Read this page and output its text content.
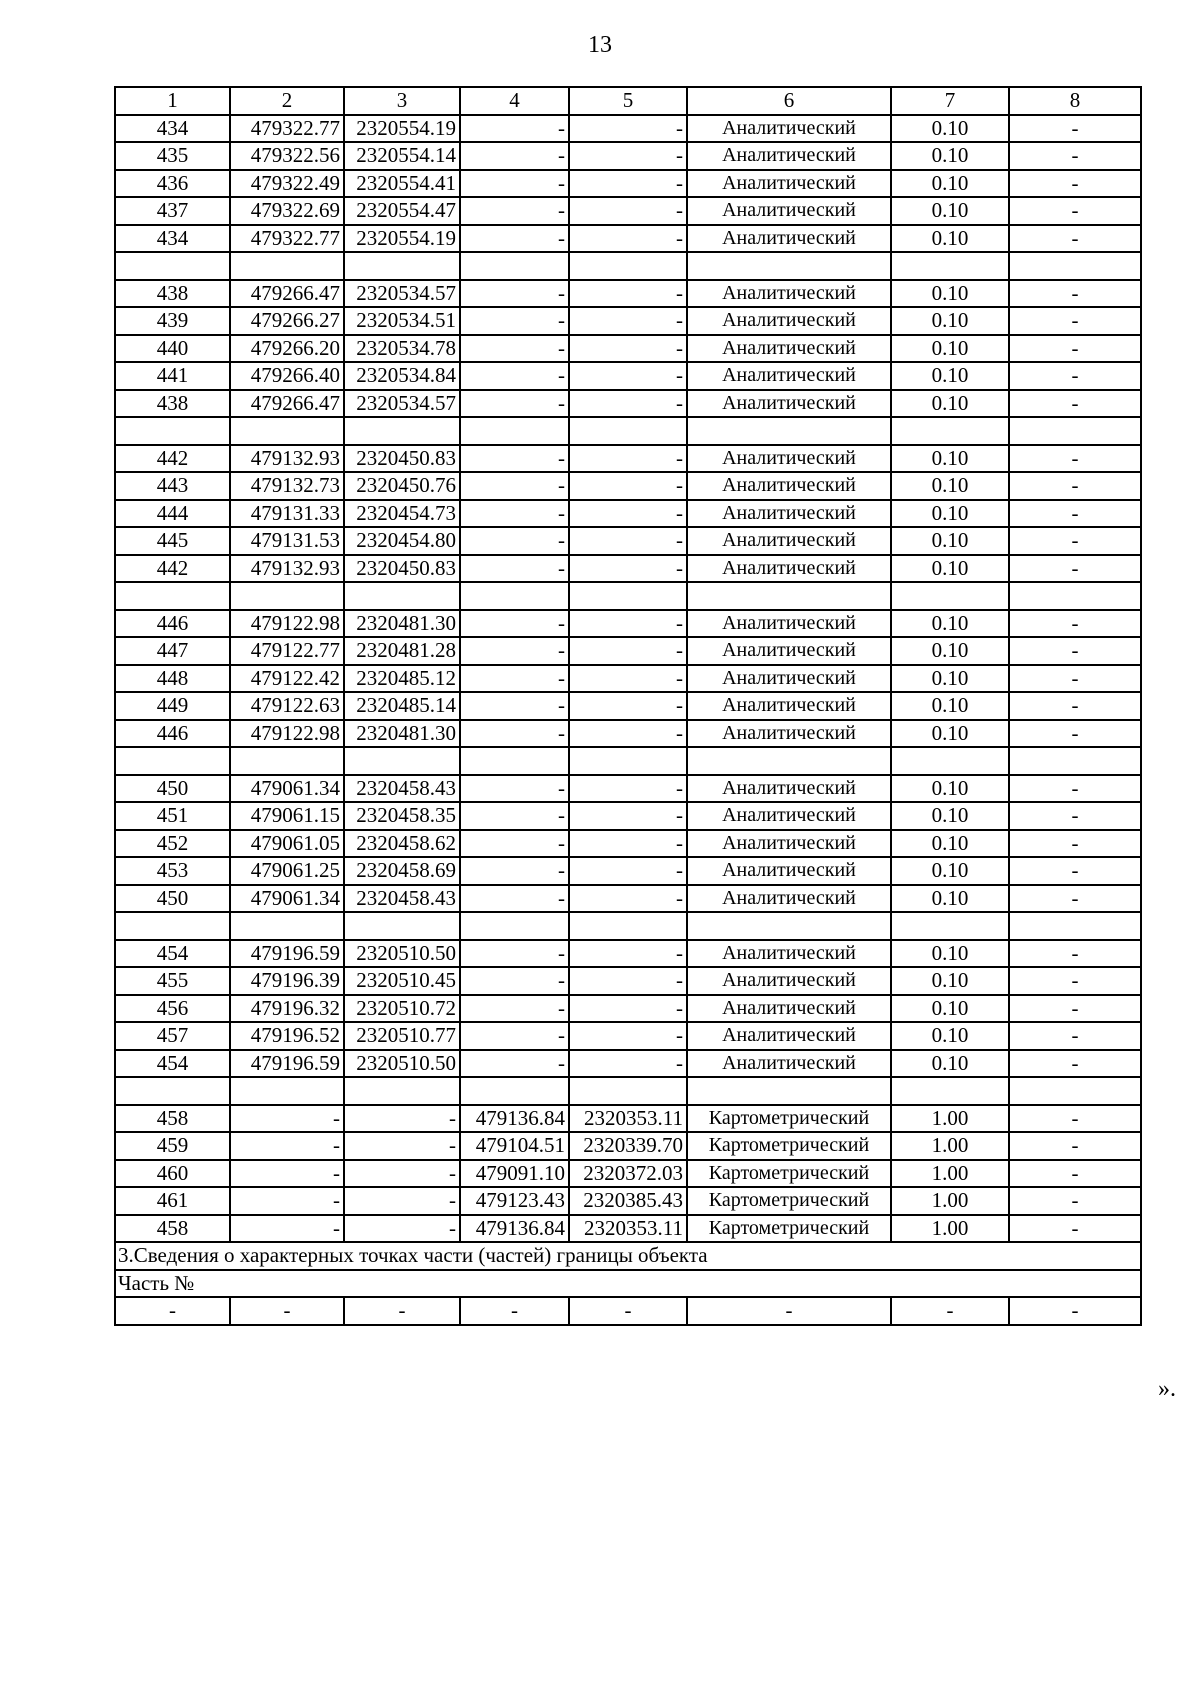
13
1	2	3	4	5	6	7	8
434	479322.77	2320554.19	-	-	Аналитический	0.10	-
435	479322.56	2320554.14	-	-	Аналитический	0.10	-
436	479322.49	2320554.41	-	-	Аналитический	0.10	-
437	479322.69	2320554.47	-	-	Аналитический	0.10	-
434	479322.77	2320554.19	-	-	Аналитический	0.10	-

438	479266.47	2320534.57	-	-	Аналитический	0.10	-
439	479266.27	2320534.51	-	-	Аналитический	0.10	-
440	479266.20	2320534.78	-	-	Аналитический	0.10	-
441	479266.40	2320534.84	-	-	Аналитический	0.10	-
438	479266.47	2320534.57	-	-	Аналитический	0.10	-

442	479132.93	2320450.83	-	-	Аналитический	0.10	-
443	479132.73	2320450.76	-	-	Аналитический	0.10	-
444	479131.33	2320454.73	-	-	Аналитический	0.10	-
445	479131.53	2320454.80	-	-	Аналитический	0.10	-
442	479132.93	2320450.83	-	-	Аналитический	0.10	-

446	479122.98	2320481.30	-	-	Аналитический	0.10	-
447	479122.77	2320481.28	-	-	Аналитический	0.10	-
448	479122.42	2320485.12	-	-	Аналитический	0.10	-
449	479122.63	2320485.14	-	-	Аналитический	0.10	-
446	479122.98	2320481.30	-	-	Аналитический	0.10	-

450	479061.34	2320458.43	-	-	Аналитический	0.10	-
451	479061.15	2320458.35	-	-	Аналитический	0.10	-
452	479061.05	2320458.62	-	-	Аналитический	0.10	-
453	479061.25	2320458.69	-	-	Аналитический	0.10	-
450	479061.34	2320458.43	-	-	Аналитический	0.10	-

454	479196.59	2320510.50	-	-	Аналитический	0.10	-
455	479196.39	2320510.45	-	-	Аналитический	0.10	-
456	479196.32	2320510.72	-	-	Аналитический	0.10	-
457	479196.52	2320510.77	-	-	Аналитический	0.10	-
454	479196.59	2320510.50	-	-	Аналитический	0.10	-

458	-	-	479136.84	2320353.11	Картометрический	1.00	-
459	-	-	479104.51	2320339.70	Картометрический	1.00	-
460	-	-	479091.10	2320372.03	Картометрический	1.00	-
461	-	-	479123.43	2320385.43	Картометрический	1.00	-
458	-	-	479136.84	2320353.11	Картометрический	1.00	-
3.Сведения о характерных точках части (частей) границы объекта							
Часть №							
-	-	-	-	-	-	-	-
».
